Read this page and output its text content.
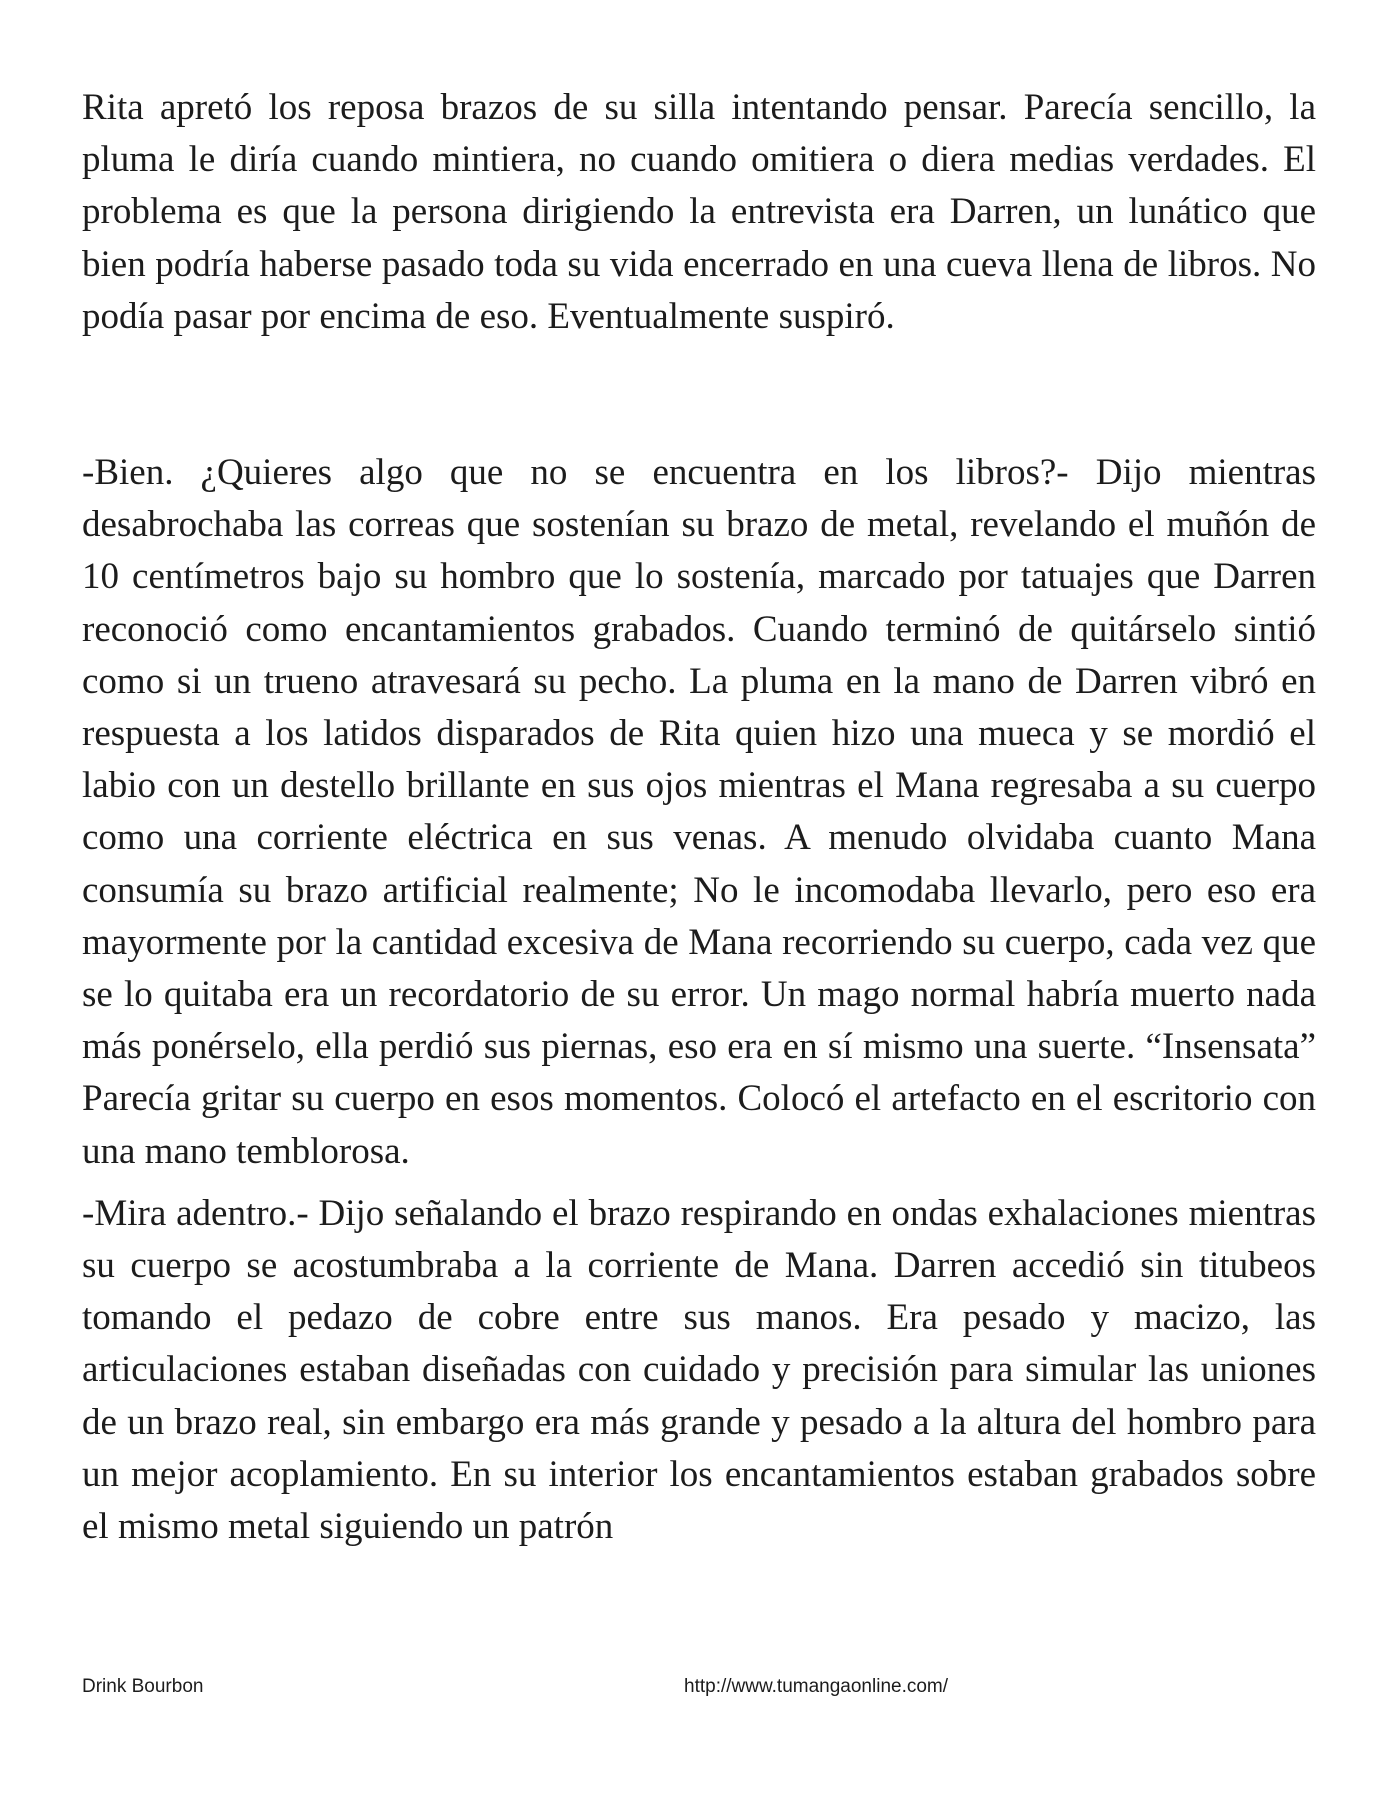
Rita apretó los reposa brazos de su silla intentando pensar. Parecía sencillo, la pluma le diría cuando mintiera, no cuando omitiera o diera medias verdades. El problema es que la persona dirigiendo la entrevista era Darren, un lunático que bien podría haberse pasado toda su vida encerrado en una cueva llena de libros. No podía pasar por encima de eso. Eventualmente suspiró.

-Bien. ¿Quieres algo que no se encuentra en los libros?- Dijo mientras desabrochaba las correas que sostenían su brazo de metal, revelando el muñón de 10 centímetros bajo su hombro que lo sostenía, marcado por tatuajes que Darren reconoció como encantamientos grabados. Cuando terminó de quitárselo sintió como si un trueno atravesará su pecho. La pluma en la mano de Darren vibró en respuesta a los latidos disparados de Rita quien hizo una mueca y se mordió el labio con un destello brillante en sus ojos mientras el Mana regresaba a su cuerpo como una corriente eléctrica en sus venas. A menudo olvidaba cuanto Mana consumía su brazo artificial realmente; No le incomodaba llevarlo, pero eso era mayormente por la cantidad excesiva de Mana recorriendo su cuerpo, cada vez que se lo quitaba era un recordatorio de su error. Un mago normal habría muerto nada más ponérselo, ella perdió sus piernas, eso era en sí mismo una suerte. “Insensata” Parecía gritar su cuerpo en esos momentos. Colocó el artefacto en el escritorio con una mano temblorosa.

-Mira adentro.- Dijo señalando el brazo respirando en ondas exhalaciones mientras su cuerpo se acostumbraba a la corriente de Mana. Darren accedió sin titubeos tomando el pedazo de cobre entre sus manos. Era pesado y macizo, las articulaciones estaban diseñadas con cuidado y precisión para simular las uniones de un brazo real, sin embargo era más grande y pesado a la altura del hombro para un mejor acoplamiento. En su interior los encantamientos estaban grabados sobre el mismo metal siguiendo un patrón

Drink Bourbon	http://www.tumangaonline.com/
